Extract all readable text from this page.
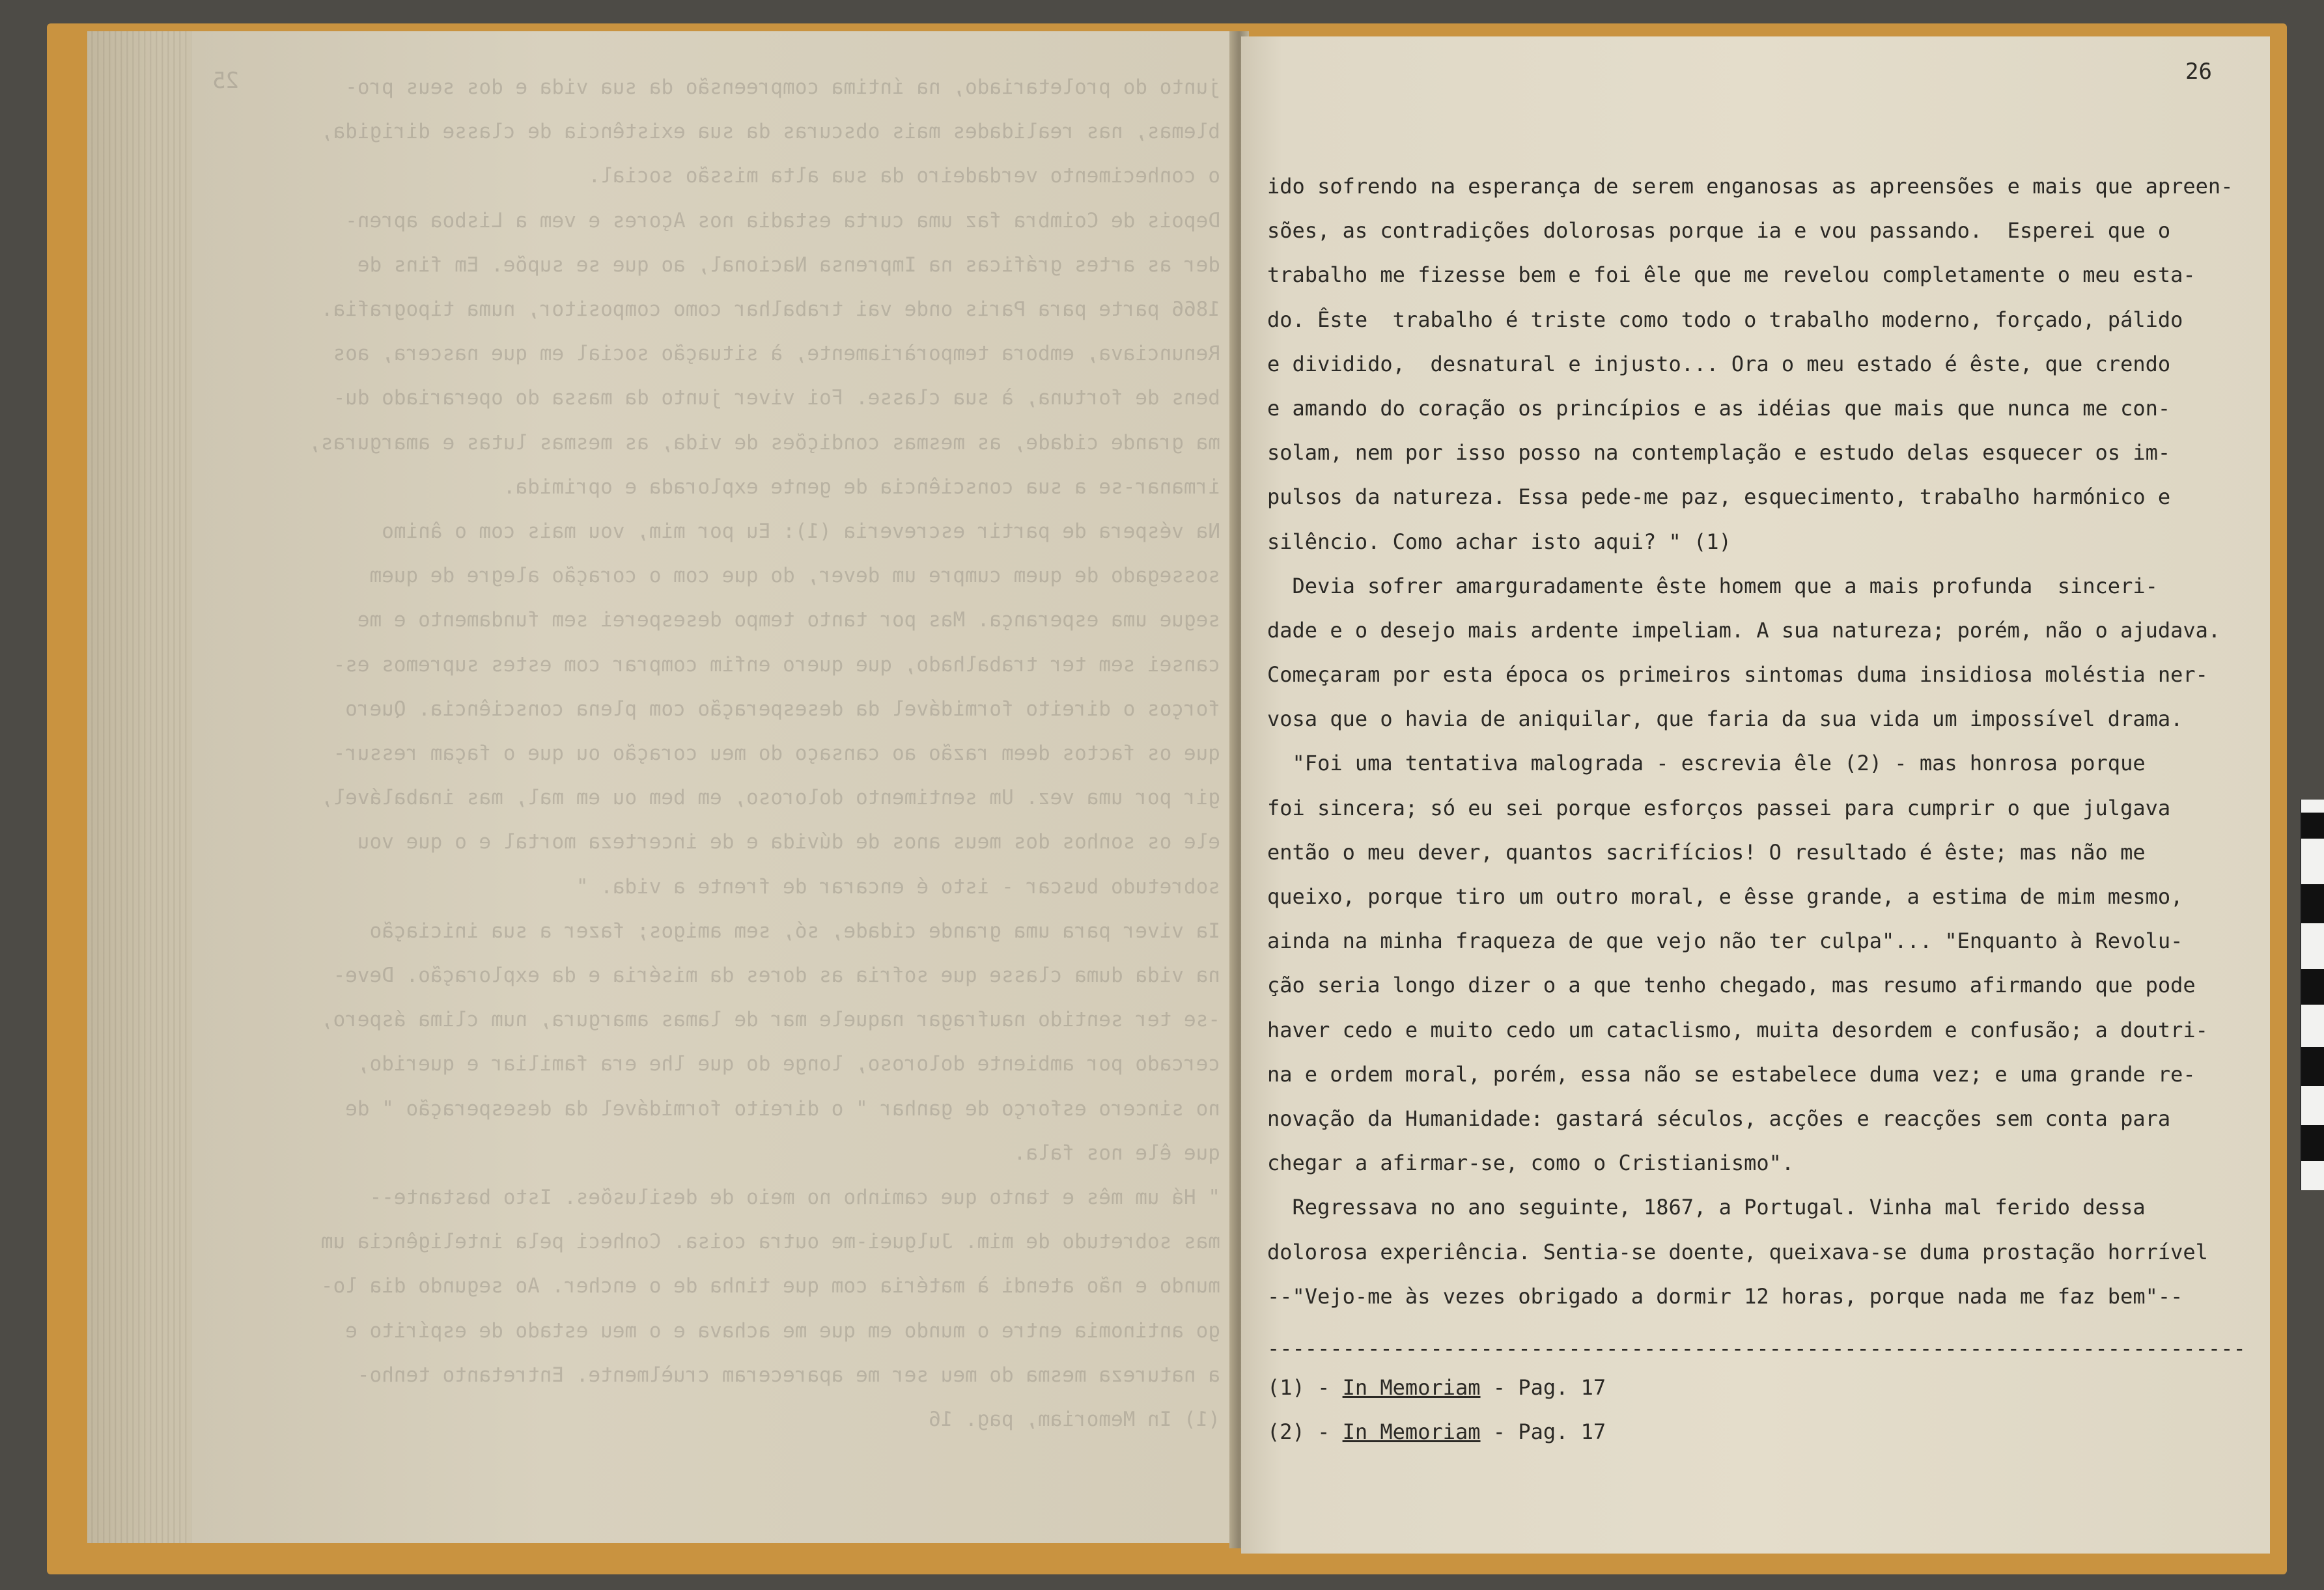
25	junto do proletariado, na íntima compreensão da sua vida e dos seus pro-
blemas, nas realidades mais obscuras da sua existência de classe dirigida,
o conhecimento verdadeiro da sua alta missão social.
Depois de Coimbra faz uma curta estadia nos Açores e vem a Lisboa apren-
der as artes gráficas na Imprensa Nacional, ao que se supõe. Em fins de
1866 parte para Paris onde vai trabalhar como compositor, numa tipografia.
Renunciava, embora temporàriamente, à situação social em que nascera, aos
bens de fortuna, à sua classe. Foi viver junto da massa do operariado du-
ma grande cidade, as mesmas condições de vida, as mesmas lutas e amarguras,
irmanar-se a sua consciência de gente explorada e oprimida.
Na véspera de partir escreveria (1): Eu por mim, vou mais com o ânimo
sossegado de quem cumpre um dever, do que com o coração alegre de quem
segue uma esperança. Mas por tanto tempo desesperei sem fundamento e me
cansei sem ter trabalhado, que quero enfim comprar com estes supremos es-
forços o direito formidável da desesperação com plena consciência. Quero
que os factos deem razão ao cansaço do meu coração ou que o façam ressur-
gir por uma vez. Um sentimento doloroso, em bem ou em mal, mas inabalável,
ele os sonhos dos meus anos de dúvida e de incerteza mortal e o que vou
sobretudo buscar - isto é encarar de frente a vida. "
Ia viver para uma grande cidade, só, sem amigos; fazer a sua iniciação
na vida duma classe que sofria as dores da miséria e da exploração. Deve-
-se ter sentido naufragar naquele mar de lamas amargura, num clima áspero,
cercado por ambiente doloroso, longe do que lhe era familiar e querido,
no sincero esforço de ganhar " o direito formidável da desesperação " de
que êle nos fala.
" Há um mês e tanto que caminho no meio de desilusões. Isto bastante--
mas sobretudo de mim. Julguei-me outra coisa. Conheci pela inteligência um
mundo e não atendi à matéria com que tinha de o encher. Ao segundo dia lo-
go antinomia entre o mundo em que me achava e o meu estado de espírito e
a natureza mesma do meu ser me apareceram cruèlmente. Entretanto tenho-
(1) In Memoriam, pag. 16
26
ido sofrendo na esperança de serem enganosas as apreensões e mais que apreen-
sões, as contradições dolorosas porque ia e vou passando.  Esperei que o
trabalho me fizesse bem e foi êle que me revelou completamente o meu esta-
do. Êste  trabalho é triste como todo o trabalho moderno, forçado, pálido
e dividido,  desnatural e injusto... Ora o meu estado é êste, que crendo
e amando do coração os princípios e as idéias que mais que nunca me con-
solam, nem por isso posso na contemplação e estudo delas esquecer os im-
pulsos da natureza. Essa pede-me paz, esquecimento, trabalho harmónico e
silêncio. Como achar isto aqui? " (1)
Devia sofrer amarguradamente êste homem que a mais profunda  sinceri-
dade e o desejo mais ardente impeliam. A sua natureza; porém, não o ajudava.
Começaram por esta época os primeiros sintomas duma insidiosa moléstia ner-
vosa que o havia de aniquilar, que faria da sua vida um impossível drama.
"Foi uma tentativa malograda - escrevia êle (2) - mas honrosa porque
foi sincera; só eu sei porque esforços passei para cumprir o que julgava
então o meu dever, quantos sacrifícios! O resultado é êste; mas não me
queixo, porque tiro um outro moral, e êsse grande, a estima de mim mesmo,
ainda na minha fraqueza de que vejo não ter culpa"... "Enquanto à Revolu-
ção seria longo dizer o a que tenho chegado, mas resumo afirmando que pode
haver cedo e muito cedo um cataclismo, muita desordem e confusão; a doutri-
na e ordem moral, porém, essa não se estabelece duma vez; e uma grande re-
novação da Humanidade: gastará séculos, acções e reacções sem conta para
chegar a afirmar-se, como o Cristianismo".
Regressava no ano seguinte, 1867, a Portugal. Vinha mal ferido dessa
dolorosa experiência. Sentia-se doente, queixava-se duma prostação horrível
--"Vejo-me às vezes obrigado a dormir 12 horas, porque nada me faz bem"--
------------------------------------------------------------------------------
(1) - In Memoriam - Pag. 17
(2) - In Memoriam - Pag. 17
